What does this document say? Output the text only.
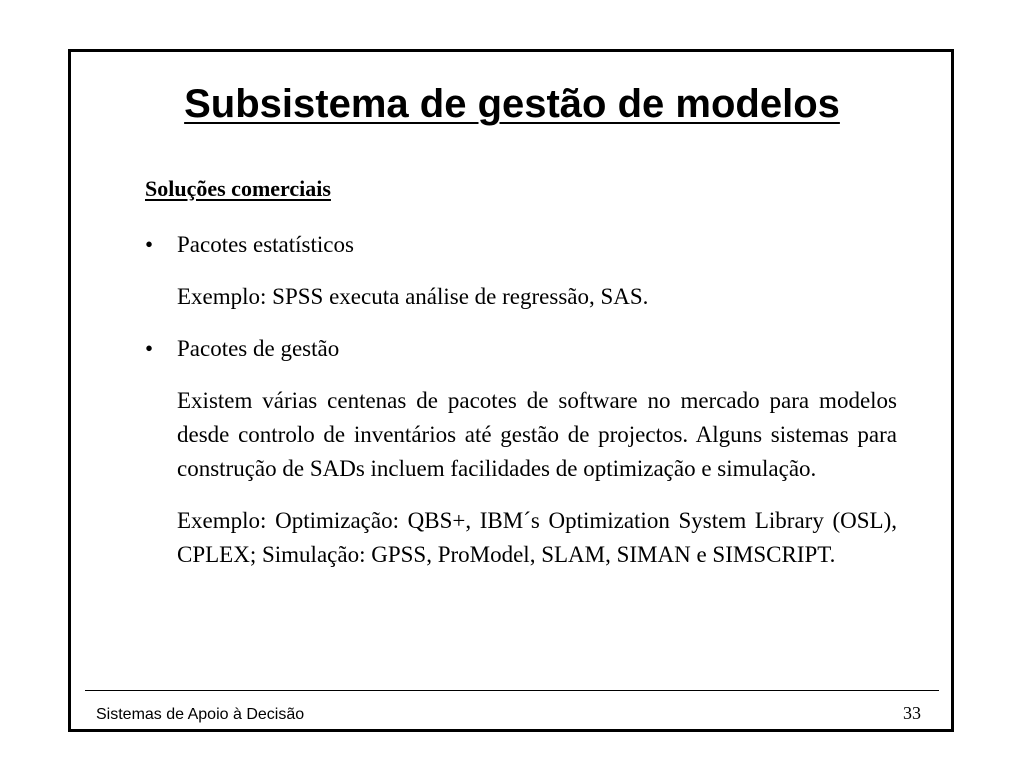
Subsistema de gestão de modelos

Soluções comerciais

•	Pacotes estatísticos

Exemplo: SPSS executa análise de regressão, SAS.

•	Pacotes de gestão

Existem várias centenas de pacotes de software no mercado para modelos desde controlo de inventários até gestão de projectos. Alguns sistemas para construção de SADs incluem facilidades de optimização e simulação.

Exemplo: Optimização: QBS+, IBM´s Optimization System Library (OSL), CPLEX; Simulação: GPSS, ProModel, SLAM, SIMAN e SIMSCRIPT.

Sistemas de Apoio à Decisão	33
